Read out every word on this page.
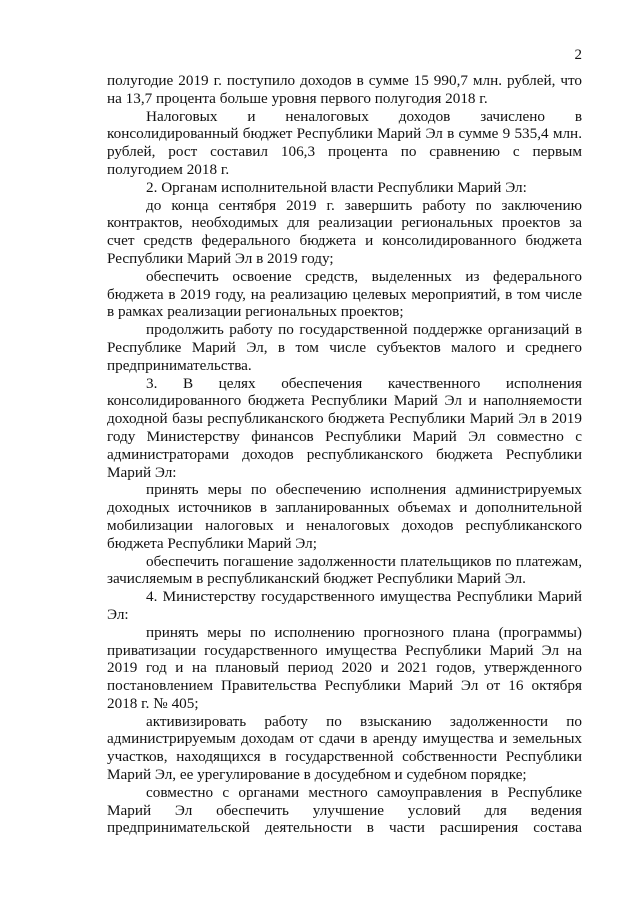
2

полугодие 2019 г. поступило доходов в сумме 15 990,7 млн. рублей, что на 13,7 процента больше уровня первого полугодия 2018 г.

Налоговых и неналоговых доходов зачислено в консолидированный бюджет Республики Марий Эл в сумме 9 535,4 млн. рублей, рост составил 106,3 процента по сравнению с первым полугодием 2018 г.

2. Органам исполнительной власти Республики Марий Эл:

до конца сентября 2019 г. завершить работу по заключению контрактов, необходимых для реализации региональных проектов за счет средств федерального бюджета и консолидированного бюджета Республики Марий Эл в 2019 году;

обеспечить освоение средств, выделенных из федерального бюджета в 2019 году, на реализацию целевых мероприятий, в том числе в рамках реализации региональных проектов;

продолжить работу по государственной поддержке организаций в Республике Марий Эл, в том числе субъектов малого и среднего предпринимательства.

3. В целях обеспечения качественного исполнения консолидированного бюджета Республики Марий Эл и наполняемости доходной базы республиканского бюджета Республики Марий Эл в 2019 году Министерству финансов Республики Марий Эл совместно с администраторами доходов республиканского бюджета Республики Марий Эл:

принять меры по обеспечению исполнения администрируемых доходных источников в запланированных объемах и дополнительной мобилизации налоговых и неналоговых доходов республиканского бюджета Республики Марий Эл;

обеспечить погашение задолженности плательщиков по платежам, зачисляемым в республиканский бюджет Республики Марий Эл.

4. Министерству государственного имущества Республики Марий Эл:

принять меры по исполнению прогнозного плана (программы) приватизации государственного имущества Республики Марий Эл на 2019 год и на плановый период 2020 и 2021 годов, утвержденного постановлением Правительства Республики Марий Эл от 16 октября 2018 г. № 405;

активизировать работу по взысканию задолженности по администрируемым доходам от сдачи в аренду имущества и земельных участков, находящихся в государственной собственности Республики Марий Эл, ее урегулирование в досудебном и судебном порядке;

совместно с органами местного самоуправления в Республике Марий Эл обеспечить улучшение условий для ведения предпринимательской деятельности в части расширения состава
